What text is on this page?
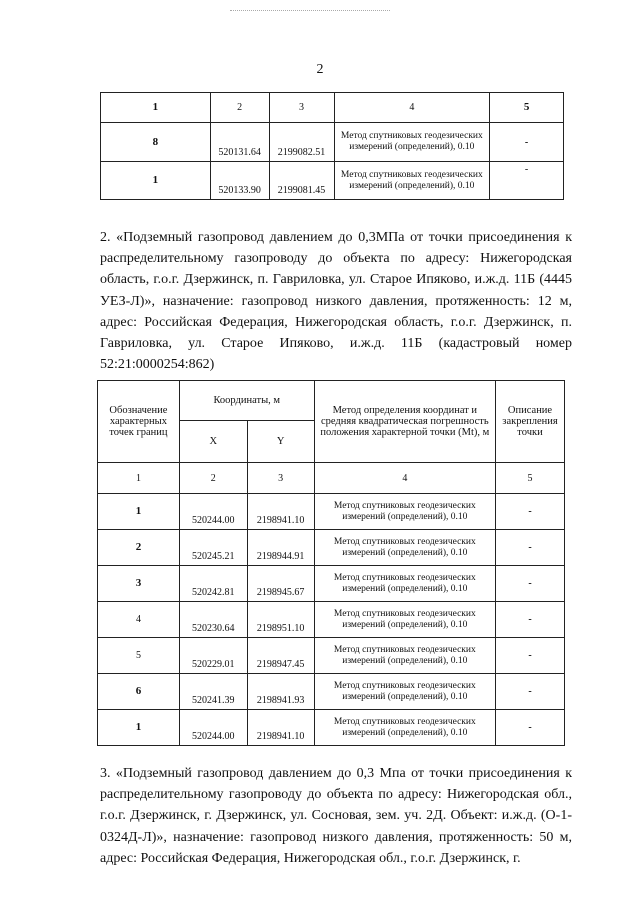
2
1	2	3	4	5
8	520131.64	2199082.51	Метод спутниковых геодезических измерений (определений), 0.10	-
1	520133.90	2199081.45	Метод спутниковых геодезических измерений (определений), 0.10	-

2. «Подземный газопровод давлением до 0,3МПа от точки присоединения к распределительному газопроводу до объекта по адресу: Нижегородская область, г.о.г. Дзержинск, п. Гавриловка, ул. Старое Ипяково, и.ж.д. 11Б (4445 УЕЗ-Л)», назначение: газопровод низкого давления, протяженность: 12 м, адрес: Российская Федерация, Нижегородская область, г.о.г. Дзержинск, п. Гавриловка, ул. Старое Ипяково, и.ж.д. 11Б (кадастровый номер 52:21:0000254:862)

Обозначение характерных точек границ	Координаты, м		Метод определения координат и средняя квадратическая погрешность положения характерной точки (Mt), м	Описание закрепления точки
	X	Y		
1	2	3	4	5
1	520244.00	2198941.10	Метод спутниковых геодезических измерений (определений), 0.10	-
2	520245.21	2198944.91	Метод спутниковых геодезических измерений (определений), 0.10	-
3	520242.81	2198945.67	Метод спутниковых геодезических измерений (определений), 0.10	-
4	520230.64	2198951.10	Метод спутниковых геодезических измерений (определений), 0.10	-
5	520229.01	2198947.45	Метод спутниковых геодезических измерений (определений), 0.10	-
6	520241.39	2198941.93	Метод спутниковых геодезических измерений (определений), 0.10	-
1	520244.00	2198941.10	Метод спутниковых геодезических измерений (определений), 0.10	-

3. «Подземный газопровод давлением до 0,3 Мпа от точки присоединения к распределительному газопроводу до объекта по адресу: Нижегородская обл., г.о.г. Дзержинск, г. Дзержинск, ул. Сосновая, зем. уч. 2Д. Объект: и.ж.д. (О-1-0324Д-Л)», назначение: газопровод низкого давления, протяженность: 50 м, адрес: Российская Федерация, Нижегородская обл., г.о.г. Дзержинск, г.
